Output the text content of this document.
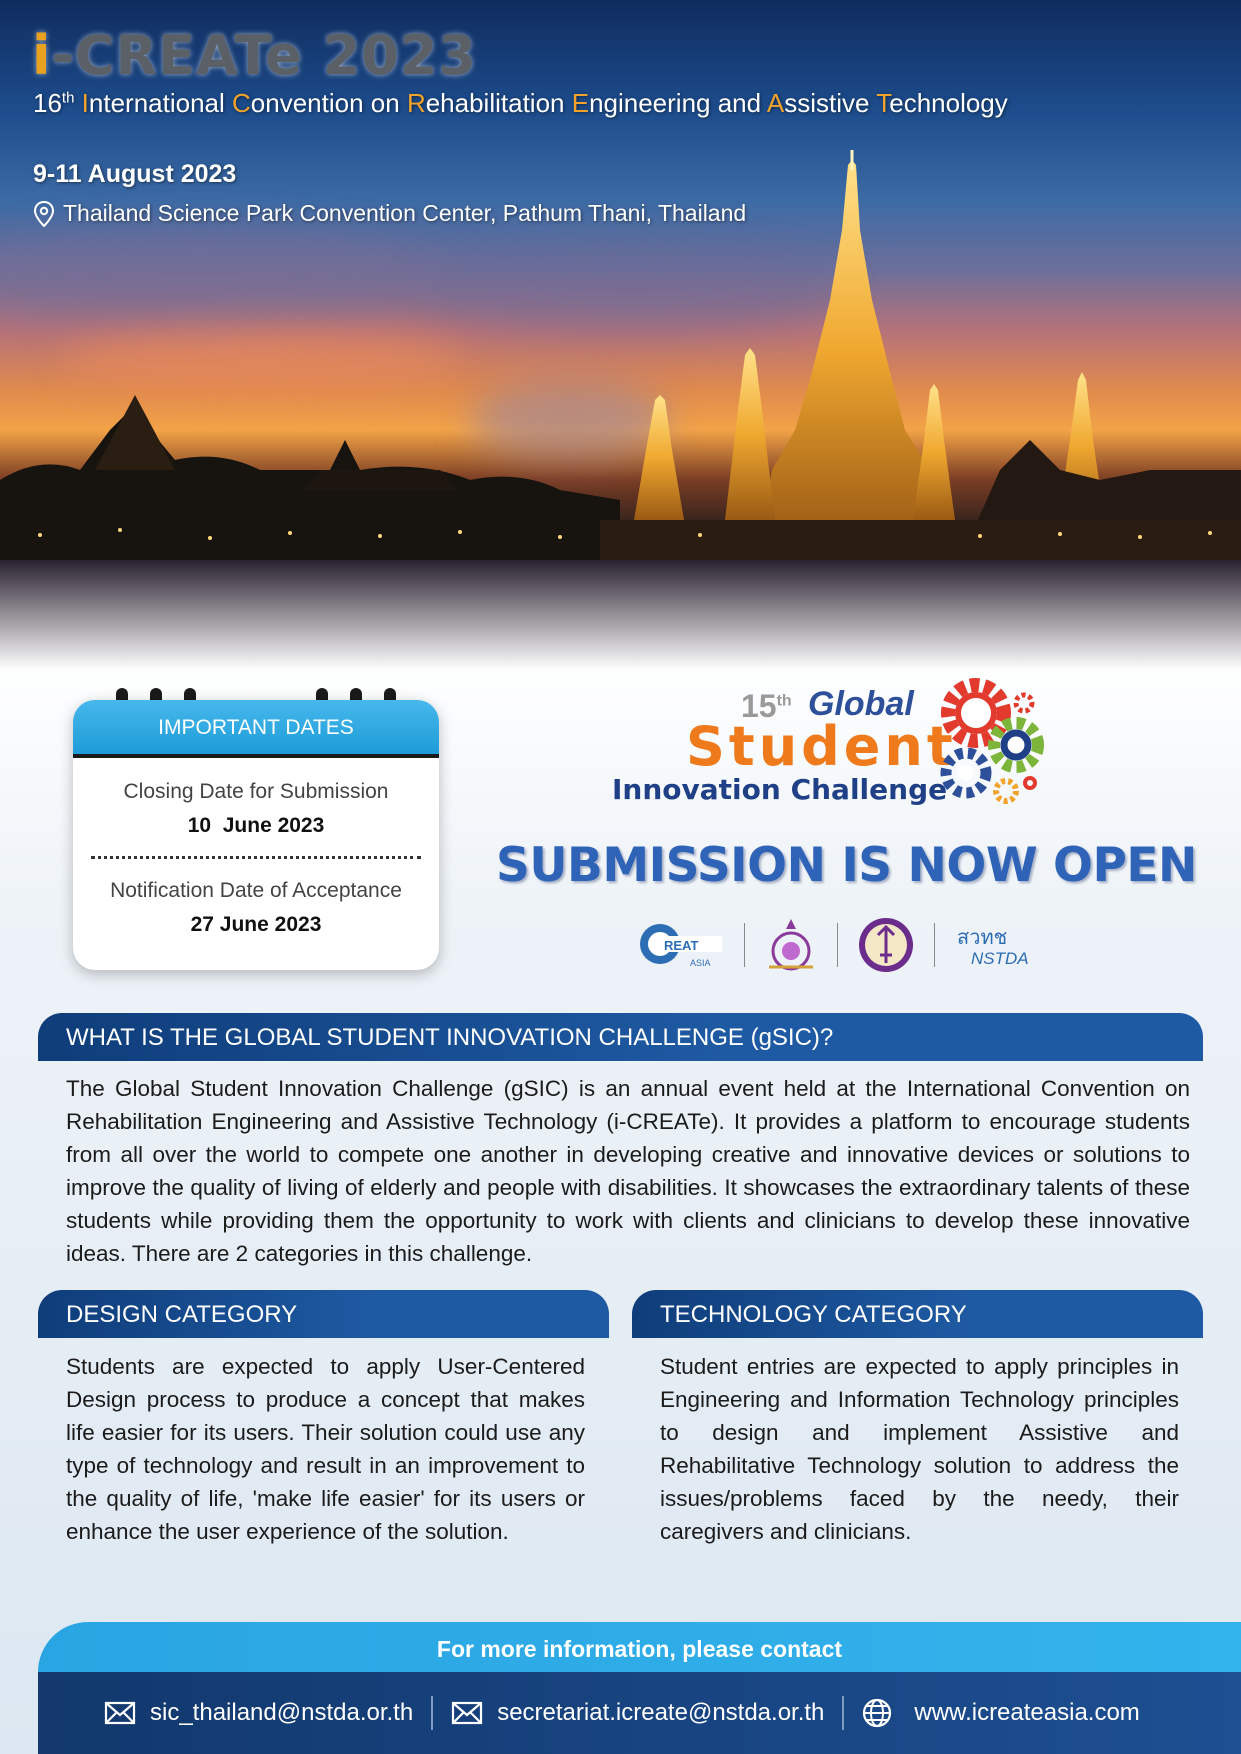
i-CREATe 2023
16th International Convention on Rehabilitation Engineering and Assistive Technology
9-11 August 2023
Thailand Science Park Convention Center, Pathum Thani, Thailand
IMPORTANT DATES
Closing Date for Submission
10  June 2023
Notification Date of Acceptance
27 June 2023
15th Global
Student
Innovation Challenge
SUBMISSION IS NOW OPEN
REAT
ASIA
สวทช
NSTDA
WHAT IS THE GLOBAL STUDENT INNOVATION CHALLENGE (gSIC)?
The Global Student Innovation Challenge (gSIC) is an annual event held at the International Convention on Rehabilitation Engineering and Assistive Technology (i-CREATe). It provides a platform to encourage students from all over the world to compete one another in developing creative and innovative devices or solutions to improve the quality of living of elderly and people with disabilities. It showcases the extraordinary talents of these students while providing them the opportunity to work with clients and clinicians to develop these innovative ideas. There are 2 categories in this challenge.
DESIGN CATEGORY
Students are expected to apply User-Centered Design process to produce a concept that makes life easier for its users. Their solution could use any type of technology and result in an improvement to the quality of life, 'make life easier' for its users or enhance the user experience of the solution.
TECHNOLOGY CATEGORY
Student entries are expected to apply principles in Engineering and Information Technology principles to design and implement Assistive and Rehabilitative Technology solution to address the issues/problems faced by the needy, their caregivers and clinicians.
For more information, please contact
sic_thailand@nstda.or.th	secretariat.icreate@nstda.or.th	www.icreateasia.com
